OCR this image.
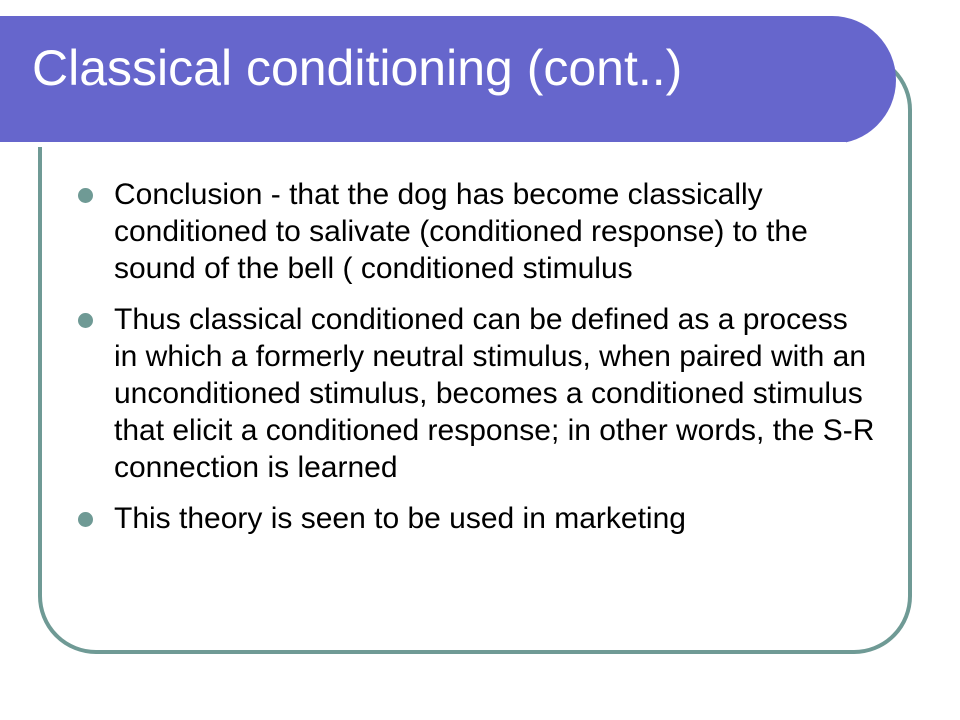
Classical conditioning (cont..)
Conclusion - that the dog has become classically conditioned to salivate (conditioned response) to the sound of the bell ( conditioned stimulus
Thus classical conditioned can be defined as a process in which a formerly neutral stimulus, when paired with an unconditioned stimulus, becomes a conditioned stimulus that elicit a conditioned response; in other words, the S-R connection is learned
This theory is seen to be used in marketing
